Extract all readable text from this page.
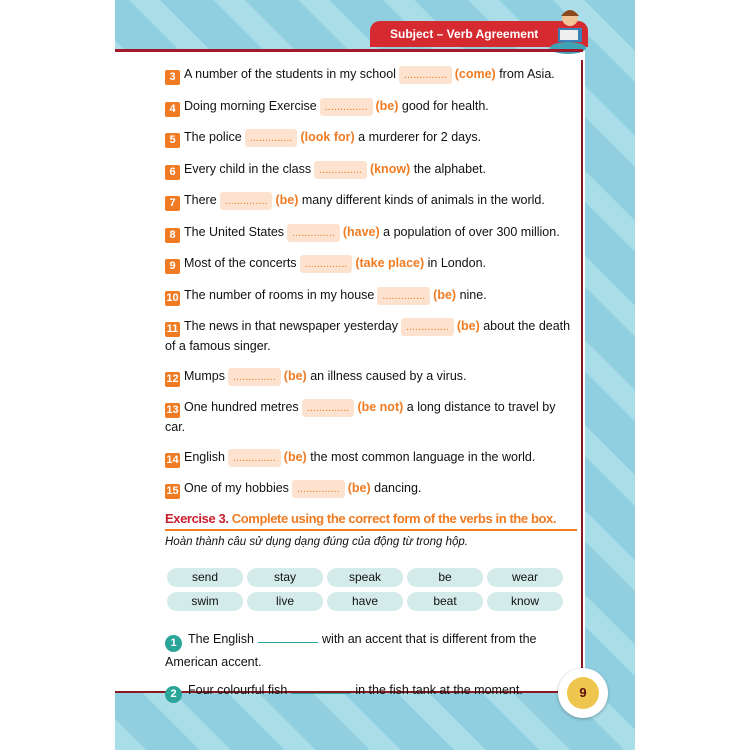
Subject – Verb Agreement
3 A number of the students in my school .............. (come) from Asia.
4 Doing morning Exercise .............. (be) good for health.
5 The police .............. (look for) a murderer for 2 days.
6 Every child in the class .............. (know) the alphabet.
7 There .............. (be) many different kinds of animals in the world.
8 The United States .............. (have) a population of over 300 million.
9 Most of the concerts .............. (take place) in London.
10 The number of rooms in my house .............. (be) nine.
11 The news in that newspaper yesterday .............. (be) about the death of a famous singer.
12 Mumps .............. (be) an illness caused by a virus.
13 One hundred metres .............. (be not) a long distance to travel by car.
14 English .............. (be) the most common language in the world.
15 One of my hobbies .............. (be) dancing.
Exercise 3. Complete using the correct form of the verbs in the box.
Hoàn thành câu sử dụng dạng đúng của động từ trong hộp.
send	stay	speak	be	wear
swim	live	have	beat	know
1 The English	with an accent that is different from the American accent.
2 Four colourful fish	in the fish tank at the moment.	9
